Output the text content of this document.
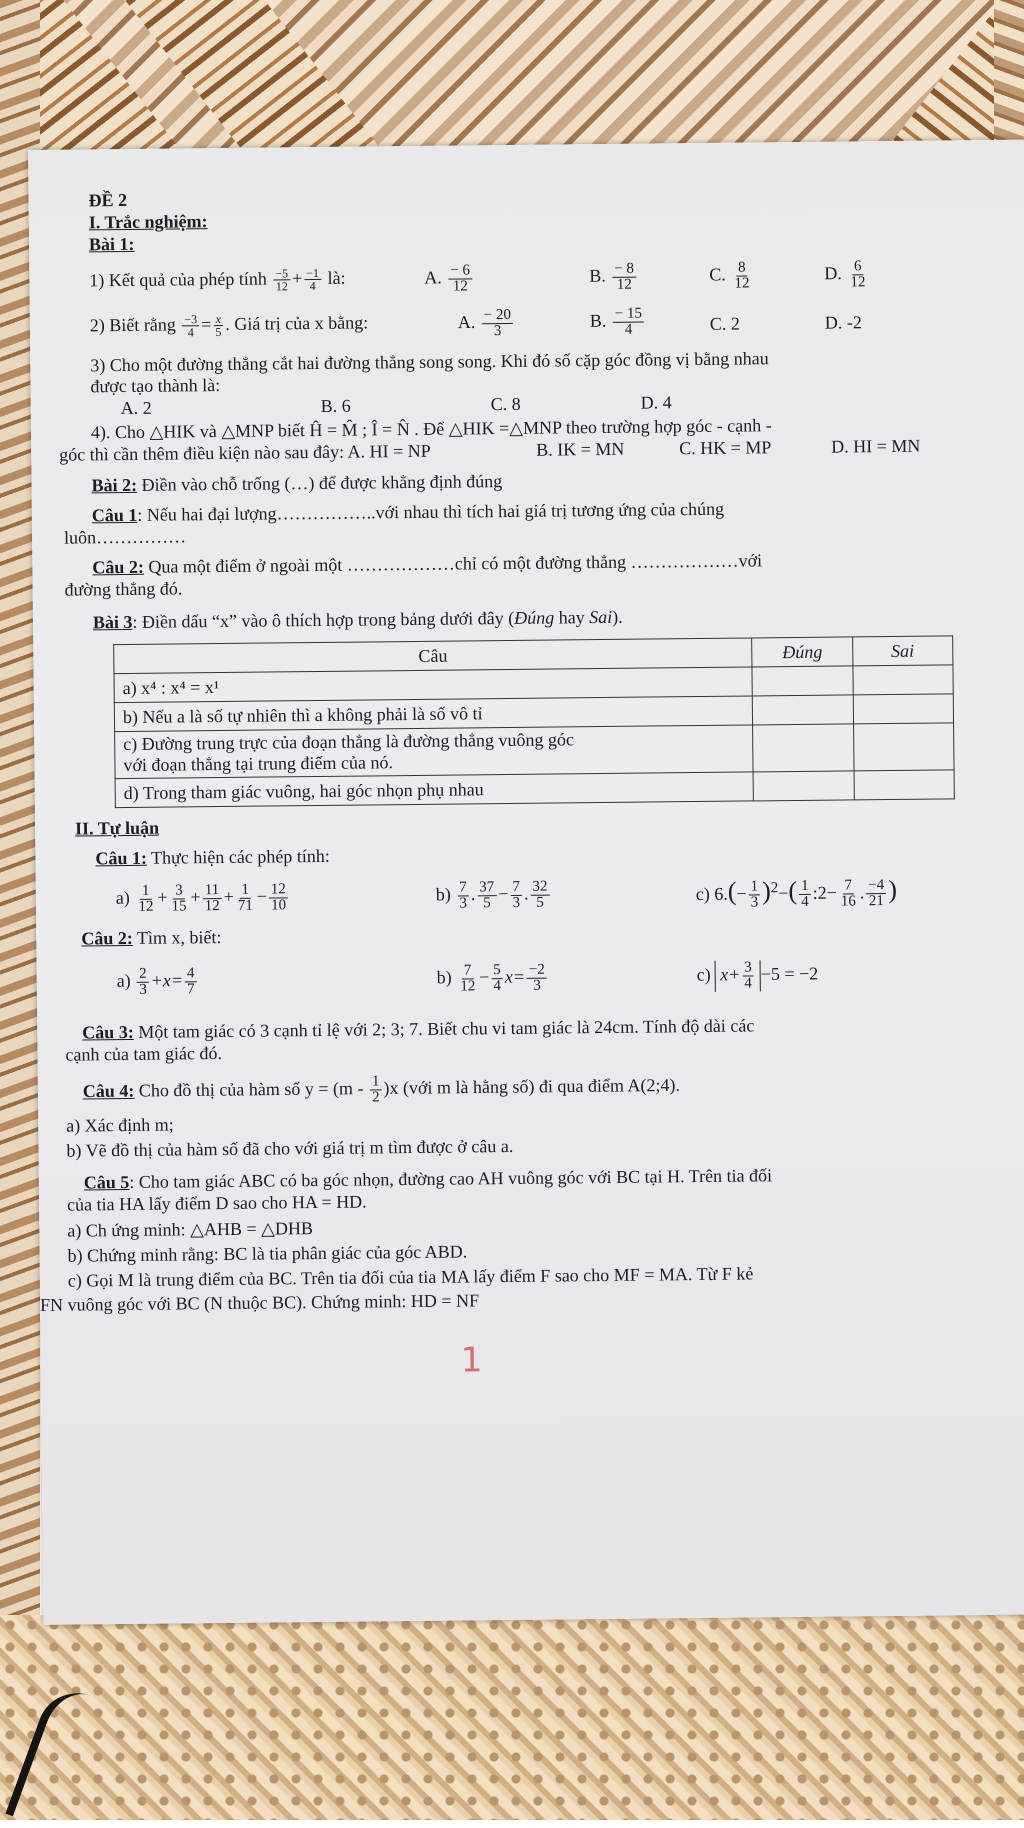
ĐỀ 2
I. Trắc nghiệm:
Bài 1:
1) Kết quả của phép tính $\frac{-5}{12} + \frac{-1}{4}$ là:	A. $\frac{- 6}{12}$	B. $\frac{- 8}{12}$	C. $\frac{8}{12}$	D. $\frac{6}{12}$
2) Biết rằng $\frac{-3}{4} = \frac{x}{5}$ . Giá trị của x bằng:	A. $\frac{- 20}{3}$	B. $\frac{- 15}{4}$	C. 2	D. -2
3) Cho một đường thẳng cắt hai đường thẳng song song. Khi đó số cặp góc đồng vị bằng nhau
được tạo thành là:
A. 2	B. 6	C. 8	D. 4
4). Cho △HIK và △MNP biết Ĥ = M̂ ; Î = N̂ . Để △HIK =△MNP theo trường hợp góc - cạnh -
góc thì cần thêm điều kiện nào sau đây: A. HI = NP	B. IK = MN	C. HK = MP	D. HI = MN
Bài 2: Điền vào chỗ trống (…) để được khẳng định đúng
Câu 1: Nếu hai đại lượng……………..với nhau thì tích hai giá trị tương ứng của chúng
luôn……………
Câu 2: Qua một điểm ở ngoài một ………………chỉ có một đường thẳng ………………với
đường thẳng đó.
Bài 3: Điền dấu “x” vào ô thích hợp trong bảng dưới đây (Đúng hay Sai).
Câu	Đúng	Sai
a) x⁴ : x⁴ = x¹		
b) Nếu a là số tự nhiên thì a không phải là số vô tỉ		

c) Đường trung trực của đoạn thẳng là đường thẳng vuông góc
với đoạn thẳng tại trung điểm của nó.		

d) Trong tham giác vuông, hai góc nhọn phụ nhau		
II. Tự luận
Câu 1: Thực hiện các phép tính:
$a) \frac{1}{12} + \frac{3}{15} + \frac{11}{12} + \frac{1}{71} - \frac{12}{10}$	$b) \frac{7}{3}$ . $\frac{37}{5} - \frac{7}{3}$ . $\frac{32}{5}$	c) $6.(- \frac{1}{3} )^2-( \frac{1}{4}$ :2− $\frac{7}{16}$ . $\frac{-4}{21}$ )
Câu 2: Tìm x, biết:
$a) \frac{2}{3} +x= \frac{4}{7}$	$b) \frac{7}{12} - \frac{5}{4} x= \frac{-2}{3}$	c) $x+ \frac{3}{4} -5 = -2$
Câu 3: Một tam giác có 3 cạnh tỉ lệ với 2; 3; 7. Biết chu vi tam giác là 24cm. Tính độ dài các
cạnh của tam giác đó.
Câu 4: Cho đồ thị của hàm số $y = (m - \frac{1}{2} )x$ (với m là hằng số) đi qua điểm A(2;4).
a) Xác định m;
b) Vẽ đồ thị của hàm số đã cho với giá trị m tìm được ở câu a.
Câu 5: Cho tam giác ABC có ba góc nhọn, đường cao AH vuông góc với BC tại H. Trên tia đối
của tia HA lấy điểm D sao cho HA = HD.
a) Ch ứng minh: △AHB = △DHB
b) Chứng minh rằng: BC là tia phân giác của góc ABD.
c) Gọi M là trung điểm của BC. Trên tia đối của tia MA lấy điểm F sao cho MF = MA. Từ F kẻ
FN vuông góc với BC (N thuộc BC). Chứng minh: HD = NF
1
